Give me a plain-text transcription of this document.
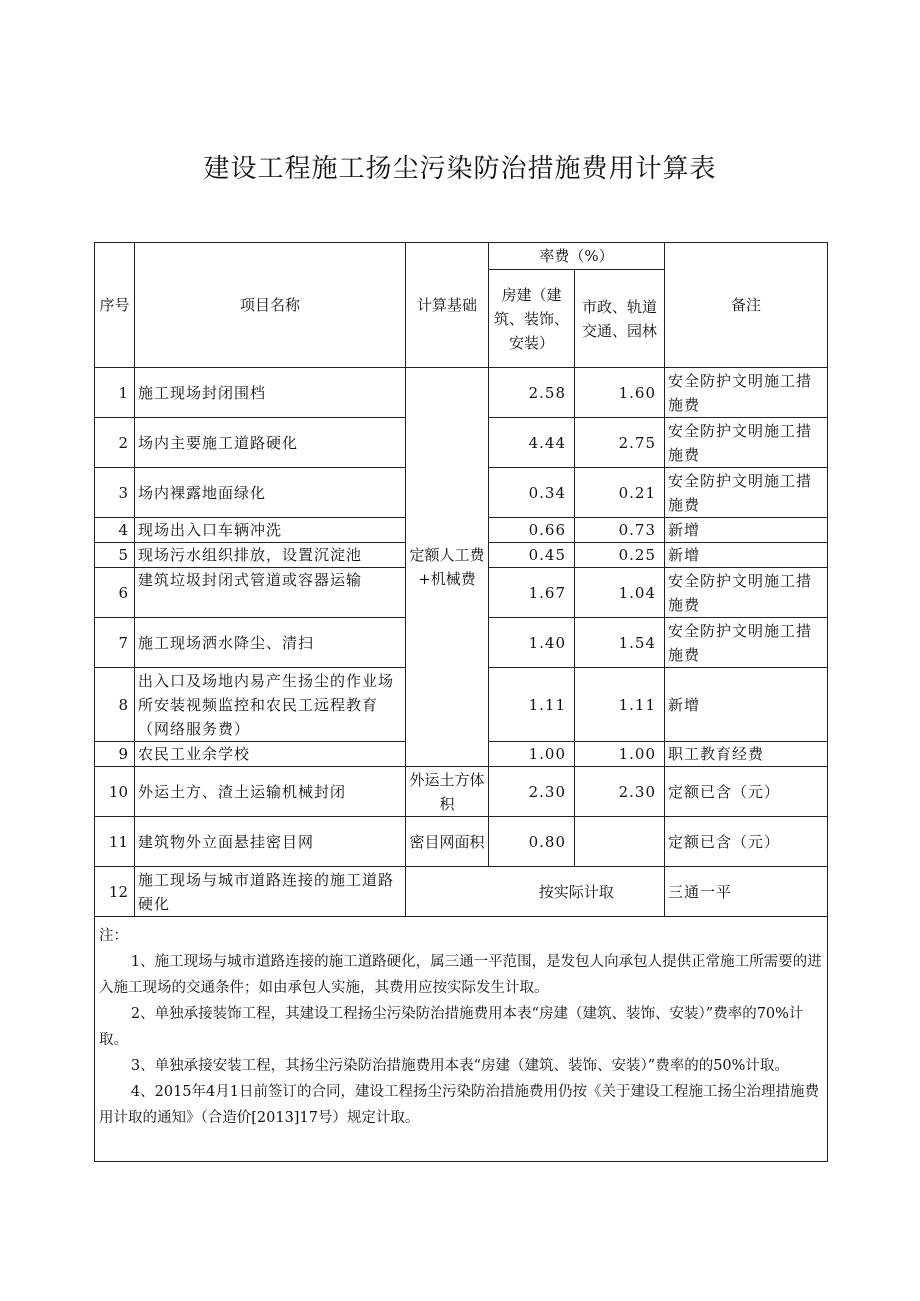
建设工程施工扬尘污染防治措施费用计算表
序号	项目名称	计算基础	率费（%）		备注
			房建（建筑、装饰、安装）	市政、轨道交通、园林	
1	施工现场封闭围档	定额人工费+机械费	2.58	1.60	安全防护文明施工措施费
2	场内主要施工道路硬化		4.44	2.75	安全防护文明施工措施费
3	场内裸露地面绿化		0.34	0.21	安全防护文明施工措施费
4	现场出入口车辆冲洗		0.66	0.73	新增
5	现场污水组织排放，设置沉淀池		0.45	0.25	新增
6	建筑垃圾封闭式管道或容器运输		1.67	1.04	安全防护文明施工措施费
7	施工现场洒水降尘、清扫		1.40	1.54	安全防护文明施工措施费
8	出入口及场地内易产生扬尘的作业场所安装视频监控和农民工远程教育（网络服务费）		1.11	1.11	新增
9	农民工业余学校		1.00	1.00	职工教育经费
10	外运土方、渣土运输机械封闭	外运土方体积	2.30	2.30	定额已含（元）
11	建筑物外立面悬挂密目网	密目网面积	0.80		定额已含（元）
12	施工现场与城市道路连接的施工道路硬化		按实际计取		三通一平

注：

1、施工现场与城市道路连接的施工道路硬化，属三通一平范围，是发包人向承包人提供正常施工所需要的进入施工现场的交通条件；如由承包人实施，其费用应按实际发生计取。

2、单独承接装饰工程，其建设工程扬尘污染防治措施费用本表“房建（建筑、装饰、安装）”费率的70%计取。

3、单独承接安装工程，其扬尘污染防治措施费用本表“房建（建筑、装饰、安装）”费率的的50%计取。

4、2015年4月1日前签订的合同，建设工程扬尘污染防治措施费用仍按《关于建设工程施工扬尘治理措施费用计取的通知》（合造价[2013]17号）规定计取。					
